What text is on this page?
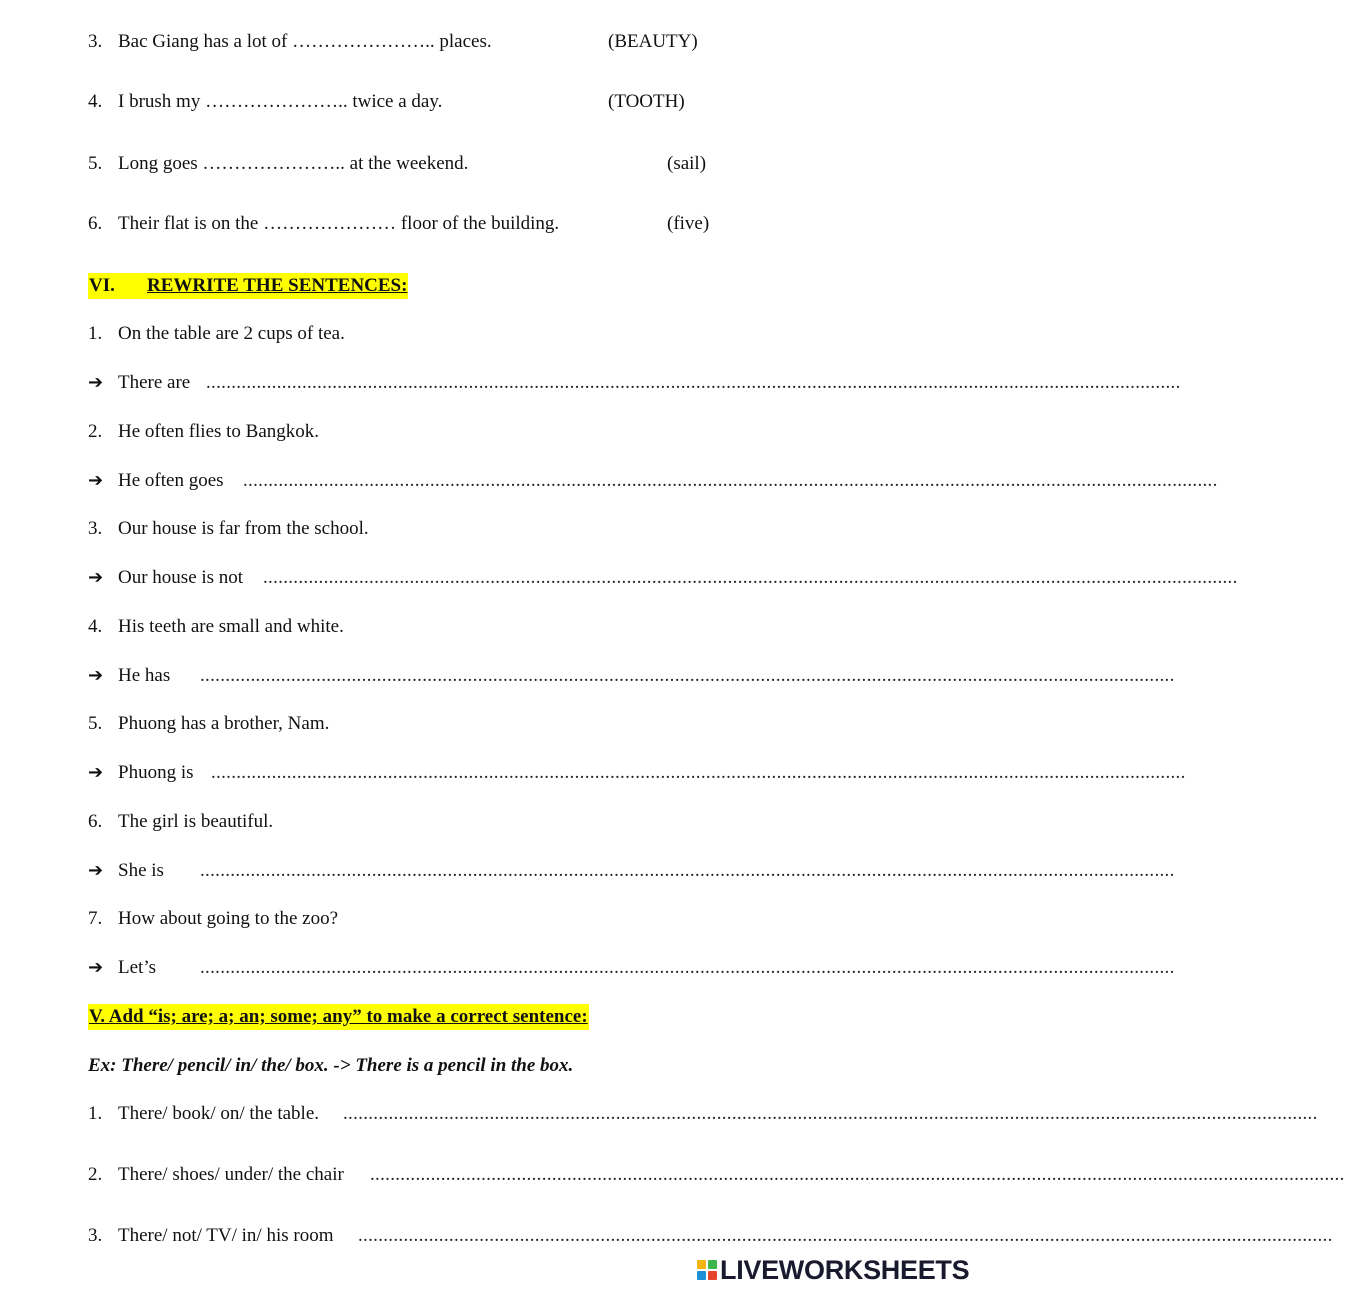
3. Bac Giang has a lot of ………………….. places.	(BEAUTY)
4. I brush my ………………….. twice a day.	(TOOTH)
5. Long goes ………………….. at the weekend.	(sail)
6. Their flat is on the ………………… floor of the building.	(five)
VI. REWRITE THE SENTENCES:
1. On the table are 2 cups of tea.
➔ There are .................................................................................................................................................................................................
2. He often flies to Bangkok.
➔ He often goes .................................................................................................................................................................................................
3. Our house is far from the school.
➔ Our house is not .................................................................................................................................................................................................
4. His teeth are small and white.
➔ He has .................................................................................................................................................................................................
5. Phuong has a brother, Nam.
➔ Phuong is .................................................................................................................................................................................................
6. The girl is beautiful.
➔ She is .................................................................................................................................................................................................
7. How about going to the zoo?
➔ Let’s .................................................................................................................................................................................................
V. Add “is; are; a; an; some; any” to make a correct sentence:
Ex: There/ pencil/ in/ the/ box. -> There is a pencil in the box.
1. There/ book/ on/ the table. .................................................................................................................................................................................................
2. There/ shoes/ under/ the chair .................................................................................................................................................................................................
3. There/ not/ TV/ in/ his room .................................................................................................................................................................................................
LIVEWORKSHEETS
